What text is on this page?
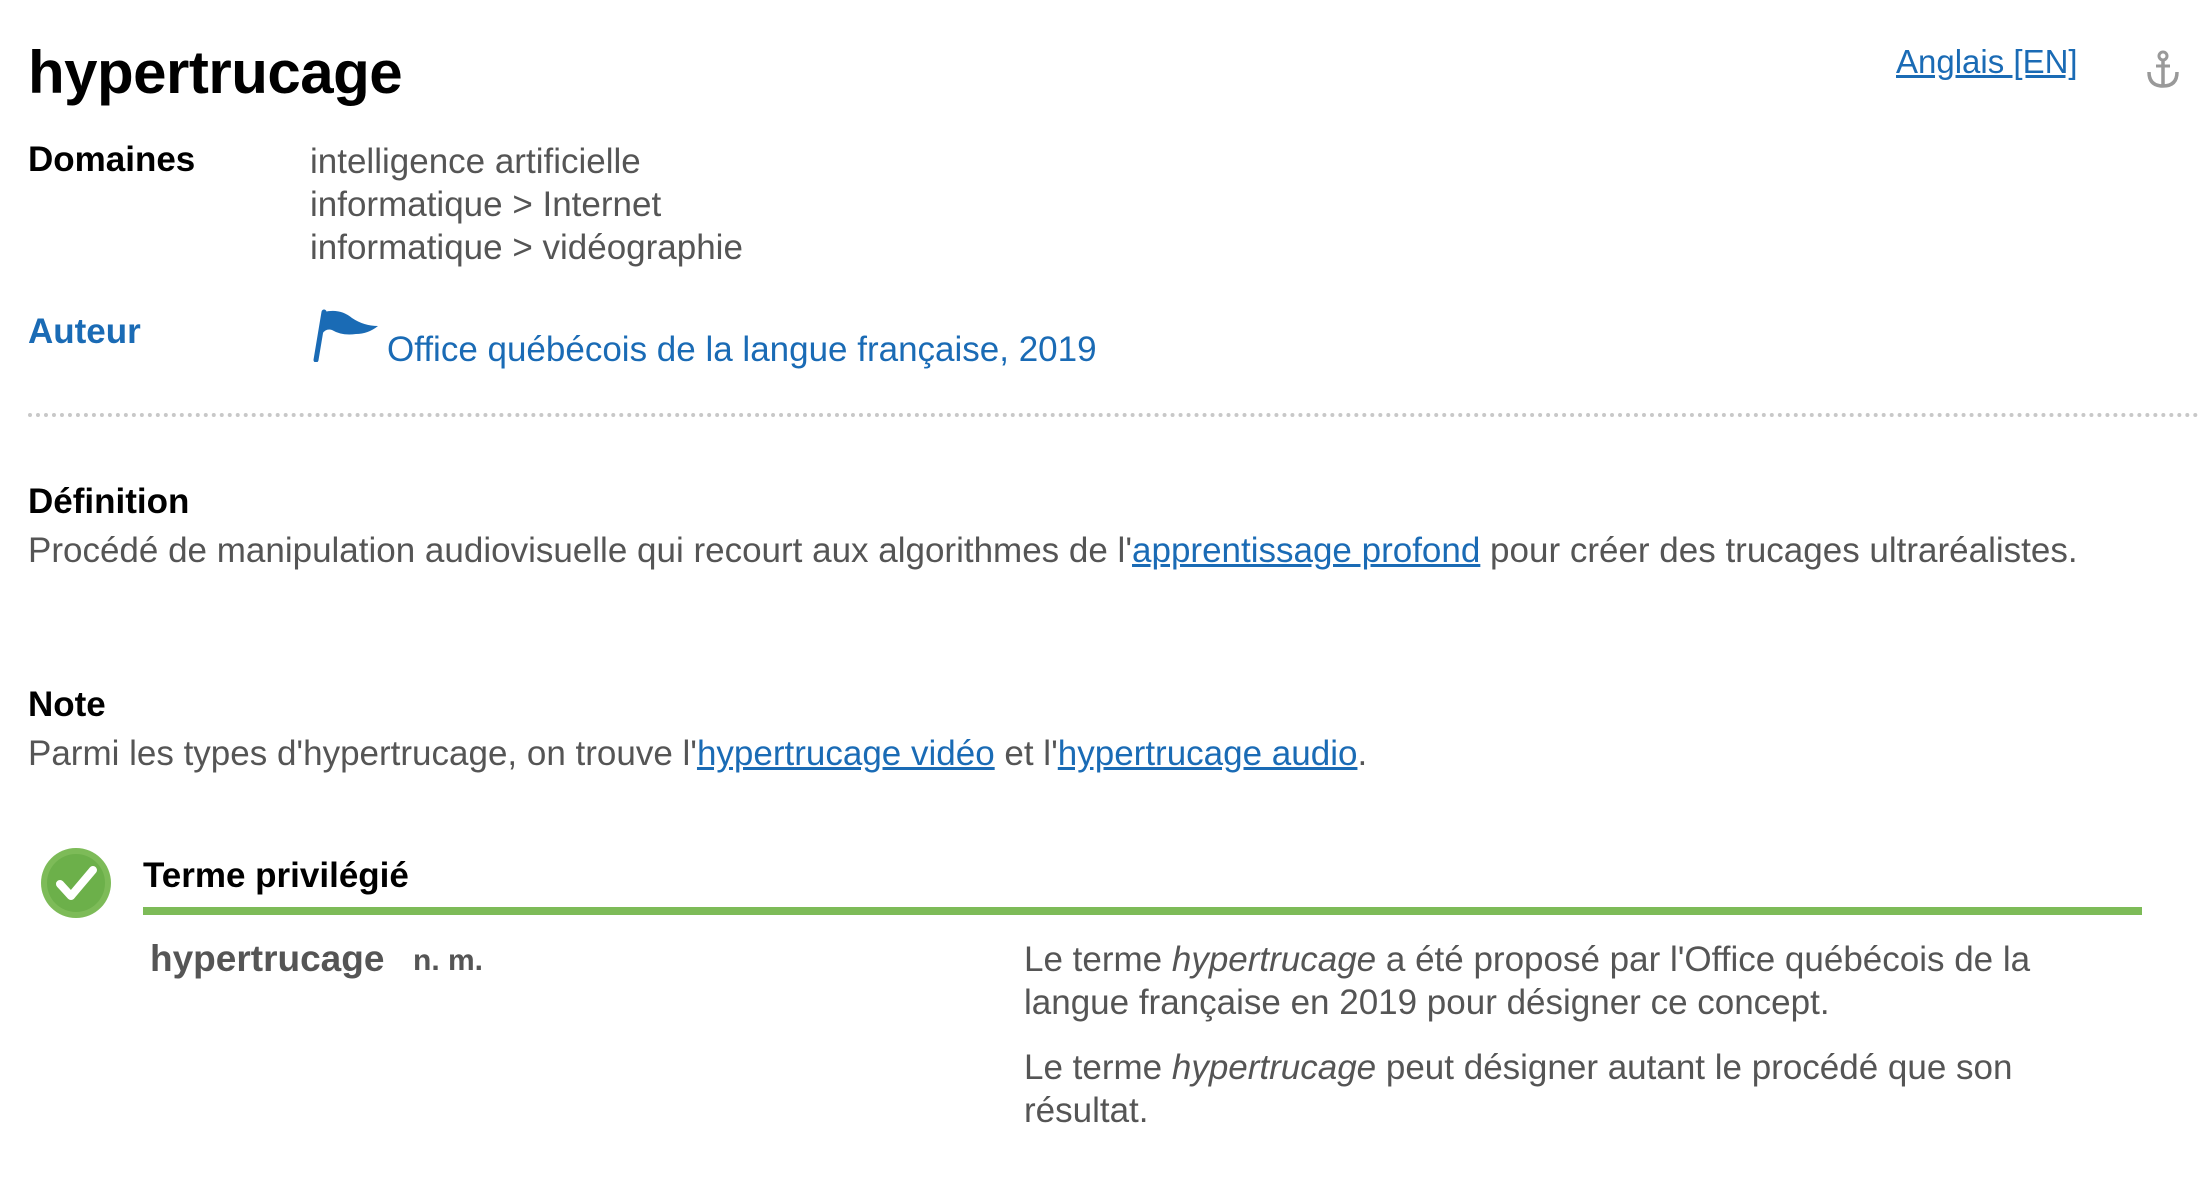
hypertrucage	Anglais [EN]
Domaines	intelligence artificielle
informatique > Internet
informatique > vidéographie
Auteur	Office québécois de la langue française, 2019
Définition
Procédé de manipulation audiovisuelle qui recourt aux algorithmes de l'apprentissage profond pour créer des trucages ultraréalistes.
Note
Parmi les types d'hypertrucage, on trouve l'hypertrucage vidéo et l'hypertrucage audio.
Terme privilégié
hypertrucage n. m.	Le terme hypertrucage a été proposé par l'Office québécois de la langue française en 2019 pour désigner ce concept.
Le terme hypertrucage peut désigner autant le procédé que son résultat.
